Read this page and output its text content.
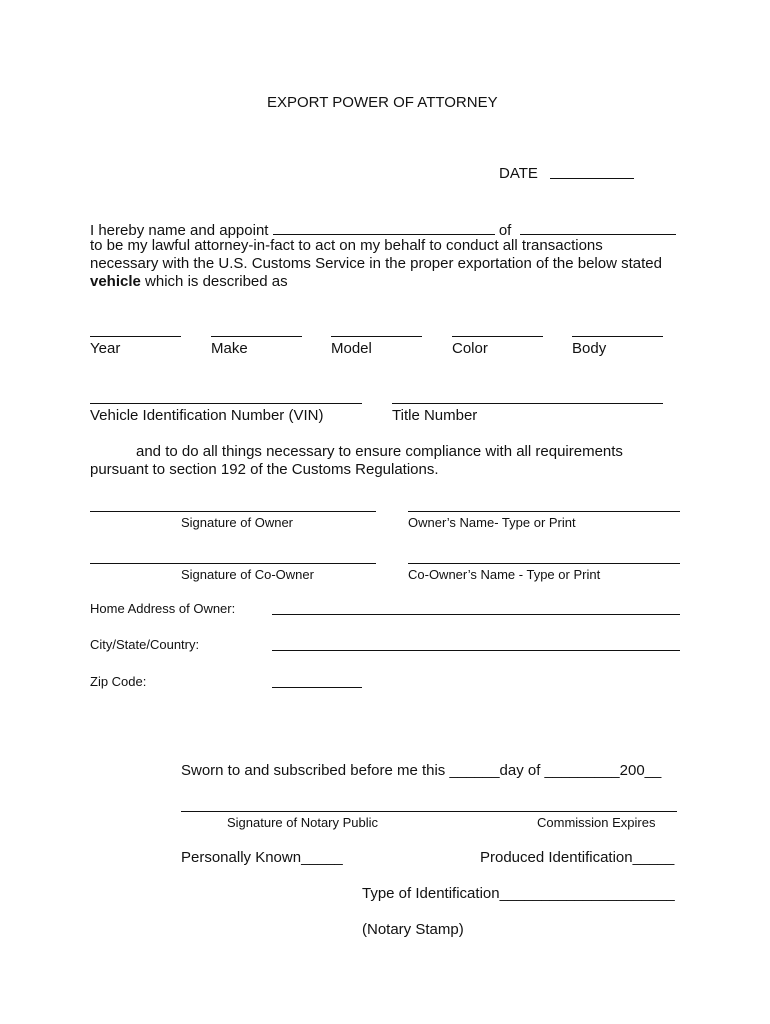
EXPORT POWER OF ATTORNEY
DATE
I hereby name and appoint	of
to be my lawful attorney-in-fact to act on my behalf to conduct all transactions
necessary with the U.S. Customs Service in the proper exportation of the below stated
vehicle which is described as
Year	Make	Model	Color	Body
Vehicle Identification Number (VIN)	Title Number
and to do all things necessary to ensure compliance with all requirements
pursuant to section 192 of the Customs Regulations.
Signature of Owner	Owner’s Name- Type or Print
Signature of Co-Owner	Co-Owner’s Name - Type or Print
Home Address of Owner:
City/State/Country:
Zip Code:
Sworn to and subscribed before me this ______day of _________200__
Signature of Notary Public	Commission Expires
Personally Known_____	Produced Identification_____
Type of Identification_____________________
(Notary Stamp)
